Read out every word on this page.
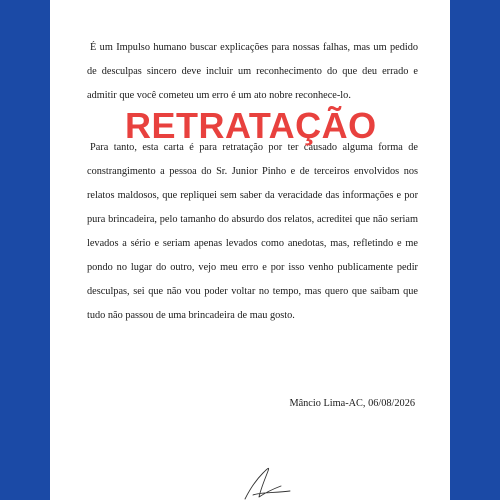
É um Impulso humano buscar explicações para nossas falhas, mas um pedido de desculpas sincero deve incluir um reconhecimento do que deu errado e admitir que você cometeu um erro é um ato nobre reconhece-lo.

Para tanto, esta carta é para retratação por ter causado alguma forma de constrangimento a pessoa do Sr. Junior Pinho e de terceiros envolvidos nos relatos maldosos, que repliquei sem saber da veracidade das informações e por pura brincadeira, pelo tamanho do absurdo dos relatos, acreditei que não seriam levados a sério e seriam apenas levados como anedotas, mas, refletindo e me pondo no lugar do outro, vejo meu erro e por isso venho publicamente pedir desculpas, sei que não vou poder voltar no tempo, mas quero que saibam que tudo não passou de uma brincadeira de mau gosto.

Mâncio Lima-AC, 06/08/2026
RETRATAÇÃO
